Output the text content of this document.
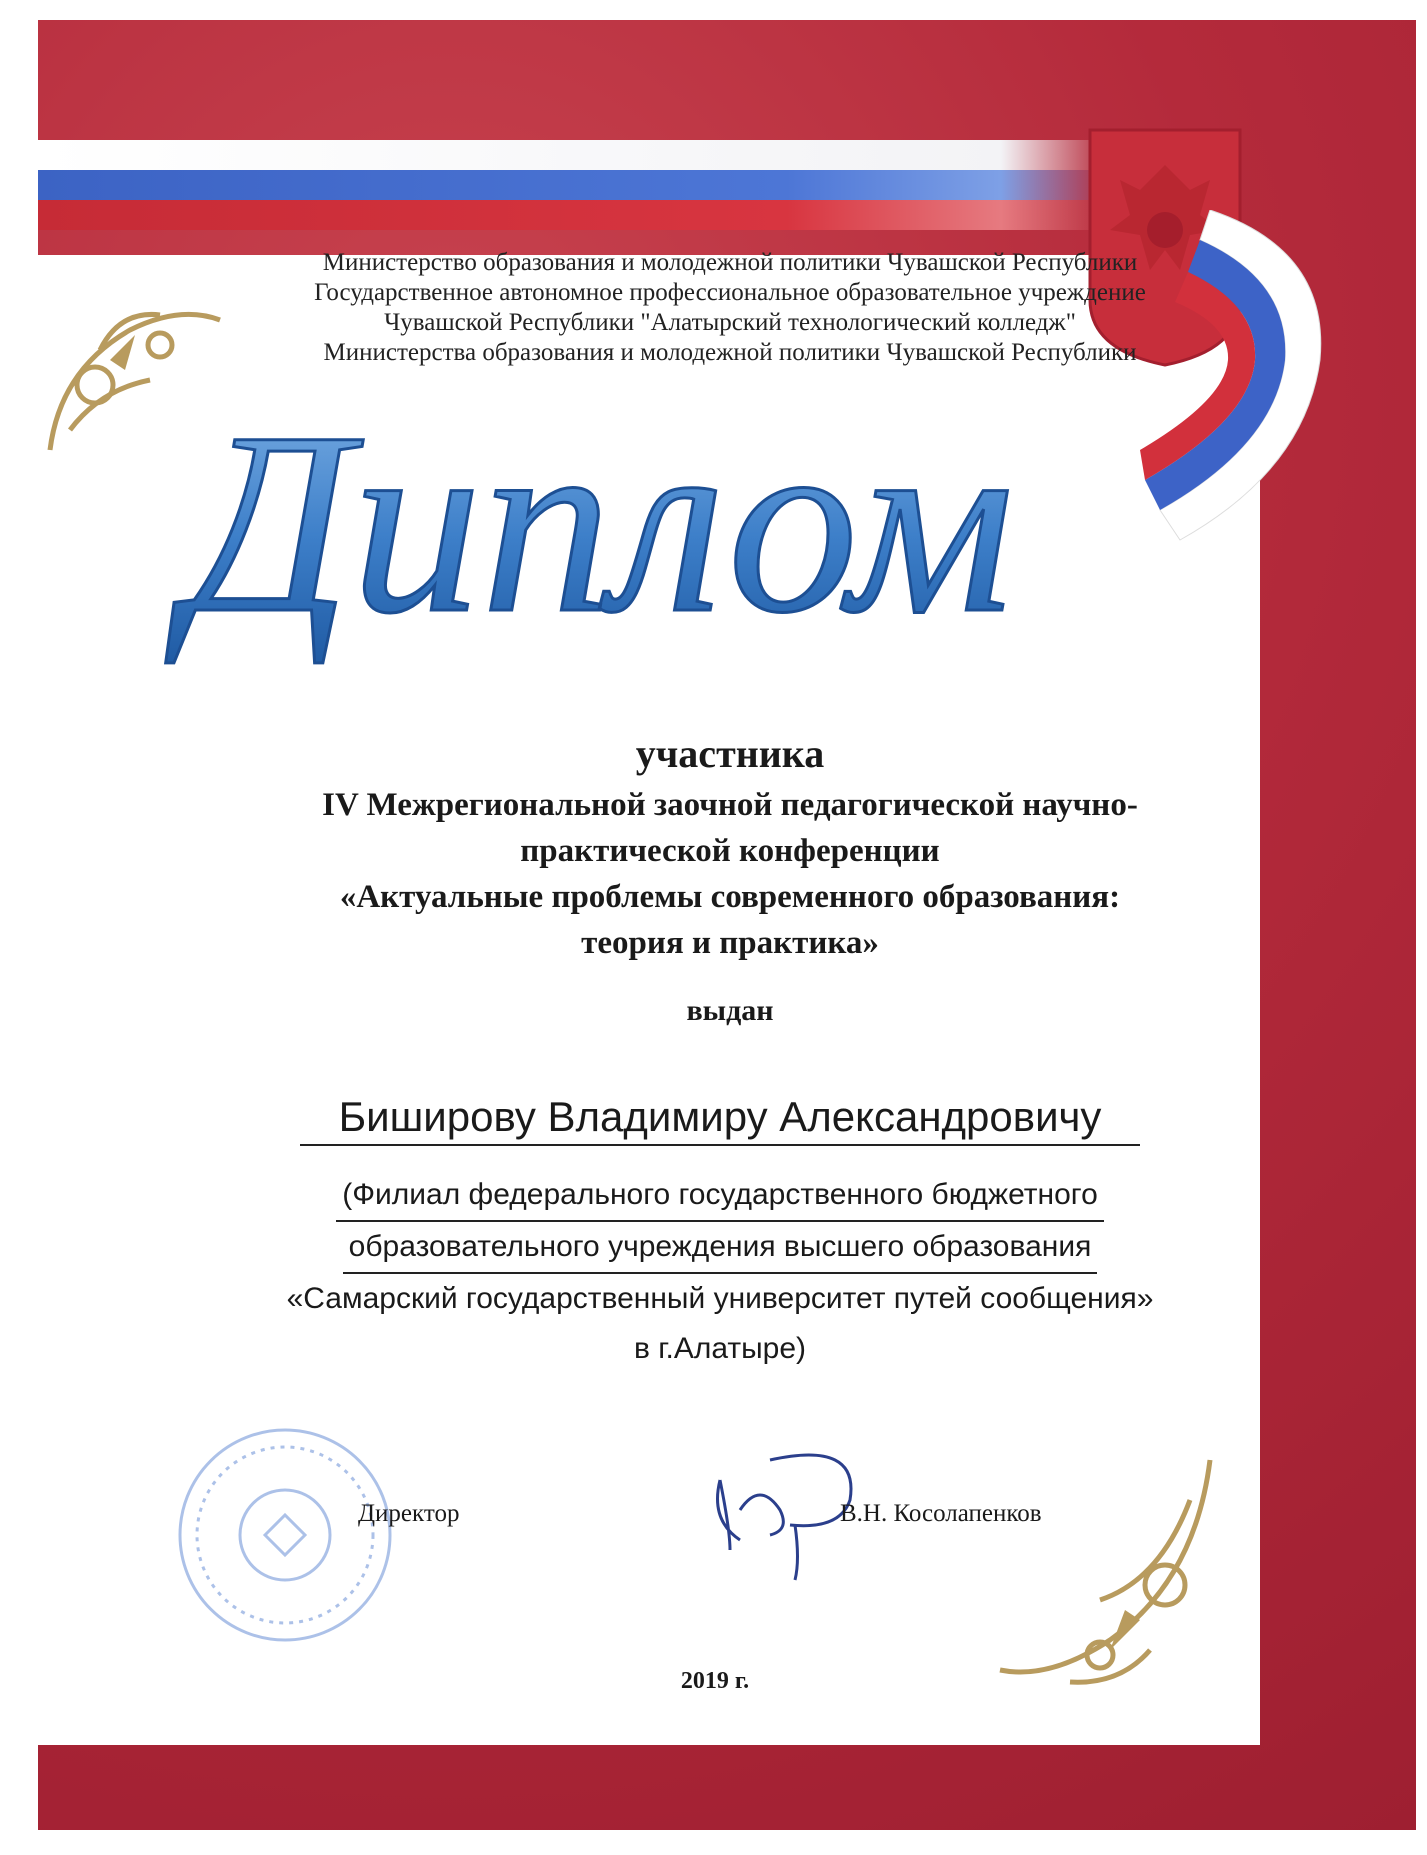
Министерство образования и молодежной политики Чувашской Республики
Государственное автономное профессиональное образовательное учреждение
Чувашской Республики "Алатырский технологический колледж"
Министерства образования и молодежной политики Чувашской Республики
Диплом
участника
IV Межрегиональной заочной педагогической научно-
практической конференции
«Актуальные проблемы современного образования:
теория и практика»
выдан
Биширову Владимиру Александровичу
(Филиал федерального государственного бюджетного
образовательного учреждения высшего образования
«Самарский государственный университет путей сообщения»
в г.Алатыре)
Директор	В.Н. Косолапенков
2019 г.
